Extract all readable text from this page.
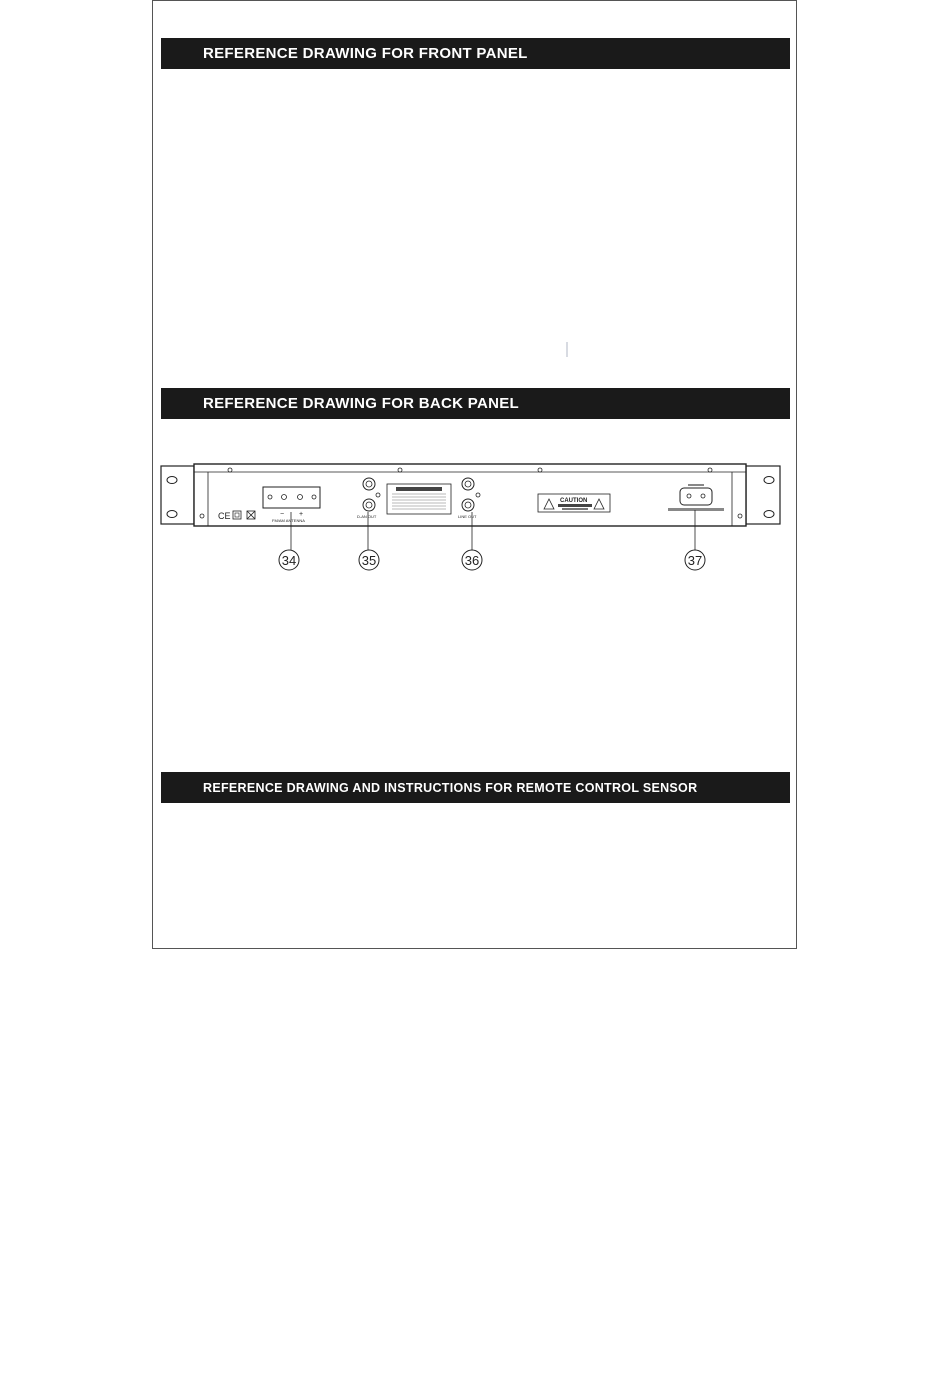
REFERENCE DRAWING FOR FRONT PANEL
REFERENCE DRAWING FOR BACK PANEL
CE	− +
FM/AM ANTENNA
D-AN OUT	LINE OUT
CAUTION
34	35	36	37
REFERENCE DRAWING AND INSTRUCTIONS FOR REMOTE CONTROL SENSOR
